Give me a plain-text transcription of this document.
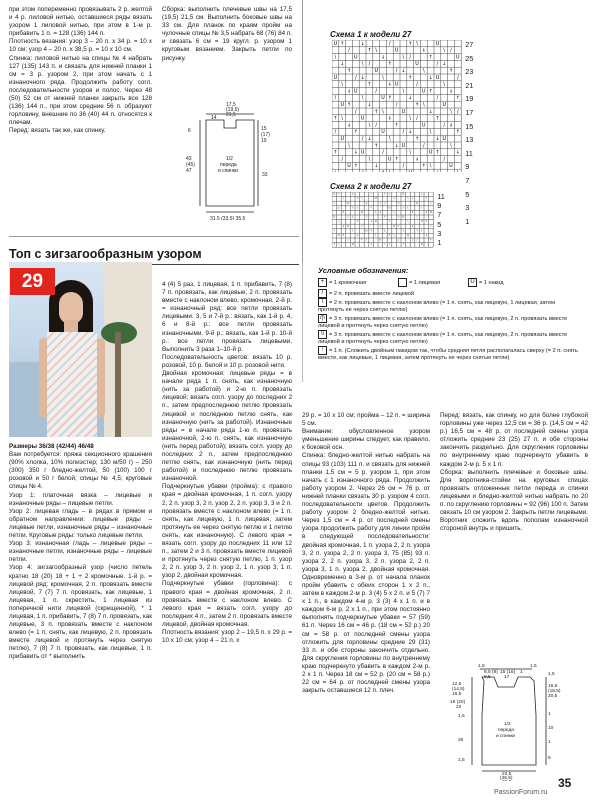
при этом попеременно провязывать 2 р. желтой и 4 р. лиловой нитью, оставшиеся ряды вязать узором 1 лиловой нитью, при этом в 1-м р. прибавить 1 п. = 128 (136) 144 п.

Плотность вязания: узор 3 – 20 п. х 34 р. = 10 х 10 см; узор 4 – 20 п. х 38,5 р. = 10 х 10 см.

Спинка: лиловой нитью на спицы № 4 набрать 127 (135) 143 п. и связать для нижней планки 1 см = 3 р. узором 2, при этом начать с 1 изнаночного ряда. Продолжить работу согл. последовательности узоров и полос. Через 48 (50) 52 см от нижней планки закрыть все 128 (136) 144 п., при этом средние 56 п. образуют горловину, внешние по 36 (40) 44 п. относятся к плечам.

Перед: вязать так же, как спинку.

Сборка: выполнить плечевые швы на 17,5 (19,5) 21,5 см. Выполнить боковые швы на 33 см. Для планок по краям пройм на чулочные спицы № 3,5 набрать 68 (76) 84 п. и связать 6 см = 19 кругл. р. узором 1 круговым вязанием. Закрыть петли по рисунку.

17,5
(19,5)
21,5
14
43
(45)
47
15
(17)
19
33
6
1/2
переда
и спинки
31,5 (33,5) 35,5
Схема 1 к модели 27
U ↑	↓	/	↑ \	U
/	↑ \	U	↓	\ /
\	U	↓	\ /	↑	U
↓	\ /	↑	U	/ ↓
↑	U	/ ↓	\	↑
U	/ ↓	\	↑	↓ U	/
\	↑	↓ U	/	\
↓ U	/	\	U ↑	↓
/	\	U ↑	↓	/	↑
U ↑	↓	/	↑ \	U
/	↑ \	U	↓	\ /
↑ \	U	↓	\ /	↑
↓	\ /	↑	U	/ ↓
/	↑	U	/ ↓	\	↑
U	/ ↓	\	↑	↓ U
\	↑	↓ U	/	\
↑	↓ U	/	\	U ↑	↓
/	\	U ↑	↓	/
U ↑	↓	/	↑ \	U
27
25
23
21
19
17
15
13
11
9
7
5
3
1
Схема 2 к модели 27
U ↑	↓	/	↑ \	U	↓
/	↑ \	U	↓	\ /	↑
\	U	↓	\ /	↑	U	/
↓	\ /	↑	U	/ ↓	\
↑	U	/ ↓	\	↑	↓ U
U	/ ↓	\	↑	↓ U	/
\	↑	↓ U	/	\	U ↑
↓ U	/	\	U ↑	↓	/
/	\	U ↑	↓	/	↑ \
U ↑	↓	/	↑ \	U	↓
/	↑ \	U	↓	\ /	↑
↑ \	U	↓	\ /	↑	U
11
9
7
5
3
1
Условные обозначения:
+ = 1 кромочная	= 1 лицевая	U = 1 накид
/ = 2 п. провязать вместе лицевой
\ = 2 п. провязать вместе с наклоном влево (= 1 п. снять, как лицевую, 1 лицевая, затем протянуть ее через снятую петлю)
/|\ = 3 п. провязать вместе с наклоном влево (= 1 п. снять, как лицевую, 2 п. провязать вместе лицевой и протянуть через снятую петлю)
\\ = 3 п. провязать вместе с наклоном влево (= 1 п. снять, как лицевую, 2 п. провязать вместе лицевой и протянуть через снятую петлю)
↑ = 1 п. (Сложить двойным накидом так, чтобы средняя петля располагалась сверху (= 2 п. снять вместе, как лицевые, 1 лицевая, затем протянуть ее через снятые петли)
Топ с зигзагообразным узором
29

Размеры 36/38 (42/44) 46/48

Вам потребуется: пряжа секционного крашения (90% хлопка, 10% полиэстер; 130 м/50 г) – 250 (300) 350 г бледно-желтой, 50 (100) 100 г розовой и 50 г белой; спицы № 4,5; круговые спицы № 4.

Узор 1: платочная вязка – лицевые и изнаночные ряды – лицевые петли.

Узор 2: лицевая гладь – в рядах в прямом и обратном направлении: лицевые ряды – лицевые петли, изнаночные ряды – изнаночные петли. Круговые ряды: только лицевые петли.

Узор 3: изнаночная гладь – лицевые ряды – изнаночные петли, изнаночные ряды – лицевые петли.

Узор 4: зигзагообразный узор (число петель кратно 18 (20) 18 + 1 + 2 кромочные. 1-й р. = лицевой ряд: кромочная, 2 п. провязать вместе лицевой, 7 (7) 7 п. провязать, как лицевые, 1 лицевая, 1 п. скрестить, 1 лицевая из поперечной нити лицевой (скрещенной), * 1 лицевая, 1 п. прибавить, 7 (8) 7 п. провязать, как лицевые, 3 п. провязать вместе с наклоном влево (= 1 п. снять, как лицевую, 2 п. провязать вместе лицевой и протянуть через снятую петлю), 7 (8) 7 п. провязать, как лицевые, 1 п. прибавить от * выполнить

4 (4) 5 раз, 1 лицевая, 1 п. прибавить, 7 (8) 7 п. провязать, как лицевые, 2 п. провязать вместе с наклоном влево, кромочная. 2-й р. = изнаночный ряд: все петли провязать лицевыми. 3, 5 и 7-й р.: вязать, как 1-й р. 4, 6 и 8-й р.: все петли провязать изнаночными. 9-й р.: вязать, как 1-й р. 10-й р.: все петли провязать лицевыми. Выполнить 3 раза 1–10-й р.

Последовательность цветов: вязать 10 р. розовой, 10 р. белой и 10 р. розовой нити.

Двойная кромочная: лицевые ряды = в начале ряда 1 п. снять, как изнаночную (нить за работой) и 2-ю п. провязать лицевой; вязать согл. узору до последних 2 п., затем предпоследнюю петлю провязать лицевой и последнюю петлю снять, как изнаночную (нить за работой). Изнаночные ряды = в начале ряда 1-ю п. провязать изнаночной, 2-ю п. снять, как изнаночную (нить перед работой); вязать согл. узору до последних 2 п., затем предпоследнюю петлю снять, как изнаночную (нить перед работой) и последнюю петлю провязать изнаночной.

Подчеркнутые убавки (пройма): с правого края = двойная кромочная, 1 п. согл. узору 2, 2 п. узор 3, 2 п. узор 2, 2 п. узор 3, 3 и 2 п. провязать вместе с наклоном влево (= 1 п. снять, как лицевую, 1 п. лицевая, затем протянуть ее через снятую петлю и 1 петлю снять, как изнаночную). С левого края = вязать согл. узору до последних 11 или 12 п., затем 2 и 3 п. провязать вместе лицевой и протянуть через снятую петлю, 1 п. узор 2, 2 п. узор 3, 2 п. узор 2, 1 п. узор 3, 1 п. узор 2, двойная кромочная.

Подчеркнутые убавки (горловина): с правого края = двойная кромочная, 2 п. провязать вместе с наклоном влево. С левого края = вязать согл. узору до последних 4 п., затем 2 п. провязать вместе лицевой, двойная кромочная.

Плотность вязания: узор 2 – 19,5 п. х 29 р. = 10 х 10 см; узор 4 – 21 п. х

29 р. = 10 х 10 см; пройма – 12 п. = ширина 5 см.

Внимание: обусловленное узором уменьшение ширины следует, как правило, к боковой осн.

Спинка: бледно-желтой нитью набрать на спицы 93 (103) 111 п. и связать для нижней планки 1,5 см = 5 р. узором 1, при этом начать с 1 изнаночного ряда. Продолжить работу узором 2. Через 26 см = 76 р. от нижней планки связать 30 р. узором 4 согл. последовательности цветов. Продолжить работу узором 2 бледно-желтой нитью. Через 1,5 см = 4 р. от последней смены узора продолжить работу для линии пройм в следующей последовательности: двойная кромочная, 1 п. узора 2, 2 п. узора 3, 2 п. узора 2, 2 п. узора 3, 75 (85) 93 п. узора 2, 2 п. узора 3, 2 п. узора 2, 2 п. узора 3, 1 п. узора 2, двойная кромочная. Одновременно в 3-м р. от начала планок пройм убавить с обеих сторон 1 х 2 п., затем в каждом 2-м р. 3 (4) 5 х 2 п. и 5 (7) 7 х 1 п., в каждом 4-м р. 3 (3) 4 х 1 п. и в каждом 6-м р. 2 х 1 п., при этом постоянно выполнять подчеркнутые убавки = 57 (59) 61 п. Через 16 см = 46 р. (18 см = 52 р.) 20 см = 58 р. от последней смены узора отложить для горловины средние 29 (31) 33 п. и обе стороны закончить отдельно. Для скругления горловины по внутреннему краю подчеркнуто убавить в каждом 2-м р. 2 х 1 п. Через 18 см = 52 р. (20 см = 58 р.) 22 см = 64 р. от последней смены узора закрыть оставшиеся 12 п. плеч.

Перед: вязать, как спинку, но для более глубокой горловины уже через 12,5 см = 36 р. (14,5 см = 42 р.) 16,5 см = 48 р. от последней смены узора отложить средние 23 (25) 27 п. и обе стороны закончить раздельно. Для скругления горловины по внутреннему краю подчеркнуто убавить в каждом 2-м р. 5 х 1 п.

Сборка: выполнить плечевые и боковые швы. Для воротника-стойки на круговых спицах провязать отложенные петли переда и спинки лицевыми и бледно-желтой нитью набрать по 20 п. по скруглению горловины = 92 (96) 100 п. Затем связать 10 см узором 2. Закрыть петли лицевыми. Воротник сложить вдоль пополам изнаночной стороной внутрь и пришить.

1,5
8,5 (9)
9,5
15 (16)
17
1
1,5
12,5
(14,5)
16,5
18 (20)
22
1,5
26
1,5
1,5
16,5
(18,5)
20,5
1
10
1
5
1/2
переда
и спинки
23,5
(26,5)	35
PassionForum.ru
